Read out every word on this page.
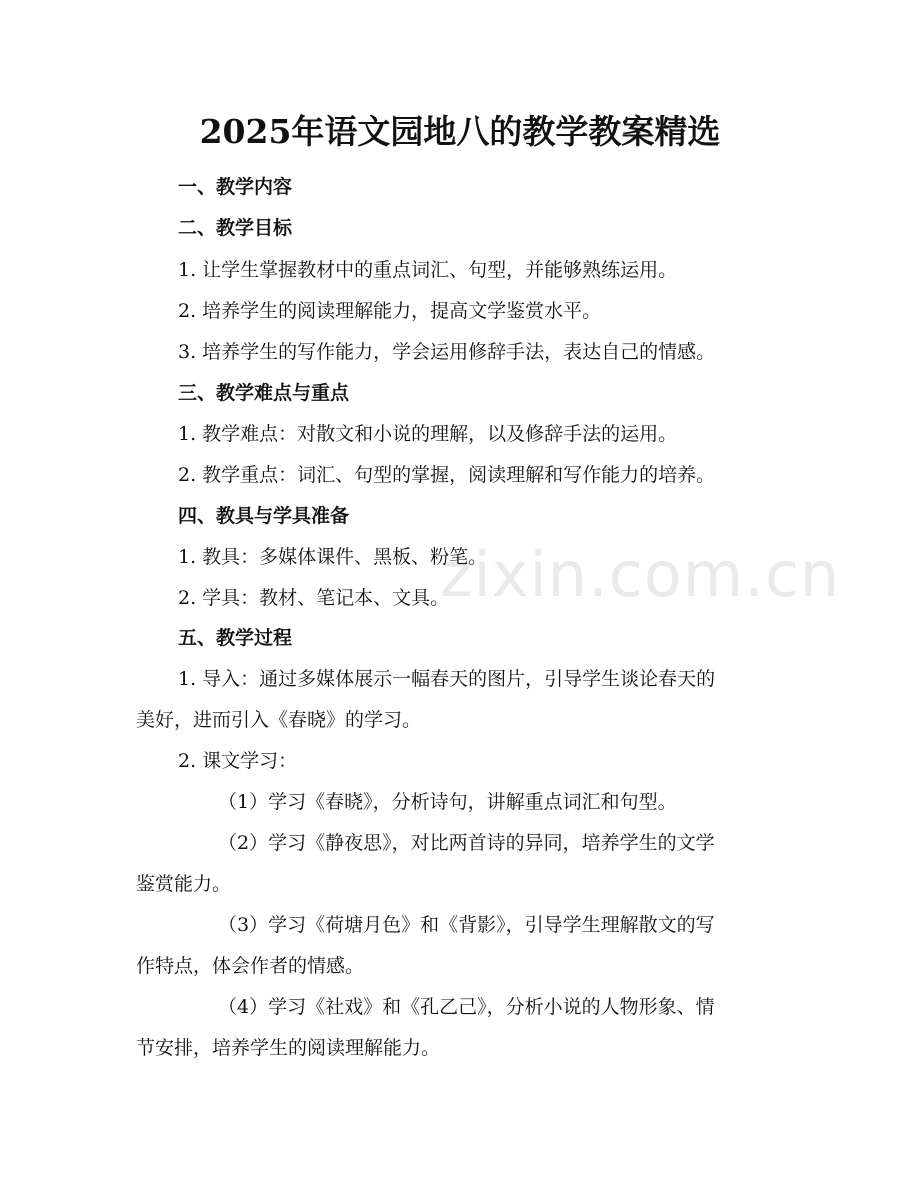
zixin.com.cn
2025年语文园地八的教学教案精选
一、教学内容
二、教学目标
1. 让学生掌握教材中的重点词汇、句型，并能够熟练运用。
2. 培养学生的阅读理解能力，提高文学鉴赏水平。
3. 培养学生的写作能力，学会运用修辞手法，表达自己的情感。
三、教学难点与重点
1. 教学难点：对散文和小说的理解，以及修辞手法的运用。
2. 教学重点：词汇、句型的掌握，阅读理解和写作能力的培养。
四、教具与学具准备
1. 教具：多媒体课件、黑板、粉笔。
2. 学具：教材、笔记本、文具。
五、教学过程
1. 导入：通过多媒体展示一幅春天的图片，引导学生谈论春天的
美好，进而引入《春晓》的学习。
2. 课文学习：
（1）学习《春晓》，分析诗句，讲解重点词汇和句型。
（2）学习《静夜思》，对比两首诗的异同，培养学生的文学
鉴赏能力。
（3）学习《荷塘月色》和《背影》，引导学生理解散文的写
作特点，体会作者的情感。
（4）学习《社戏》和《孔乙己》，分析小说的人物形象、情
节安排，培养学生的阅读理解能力。
